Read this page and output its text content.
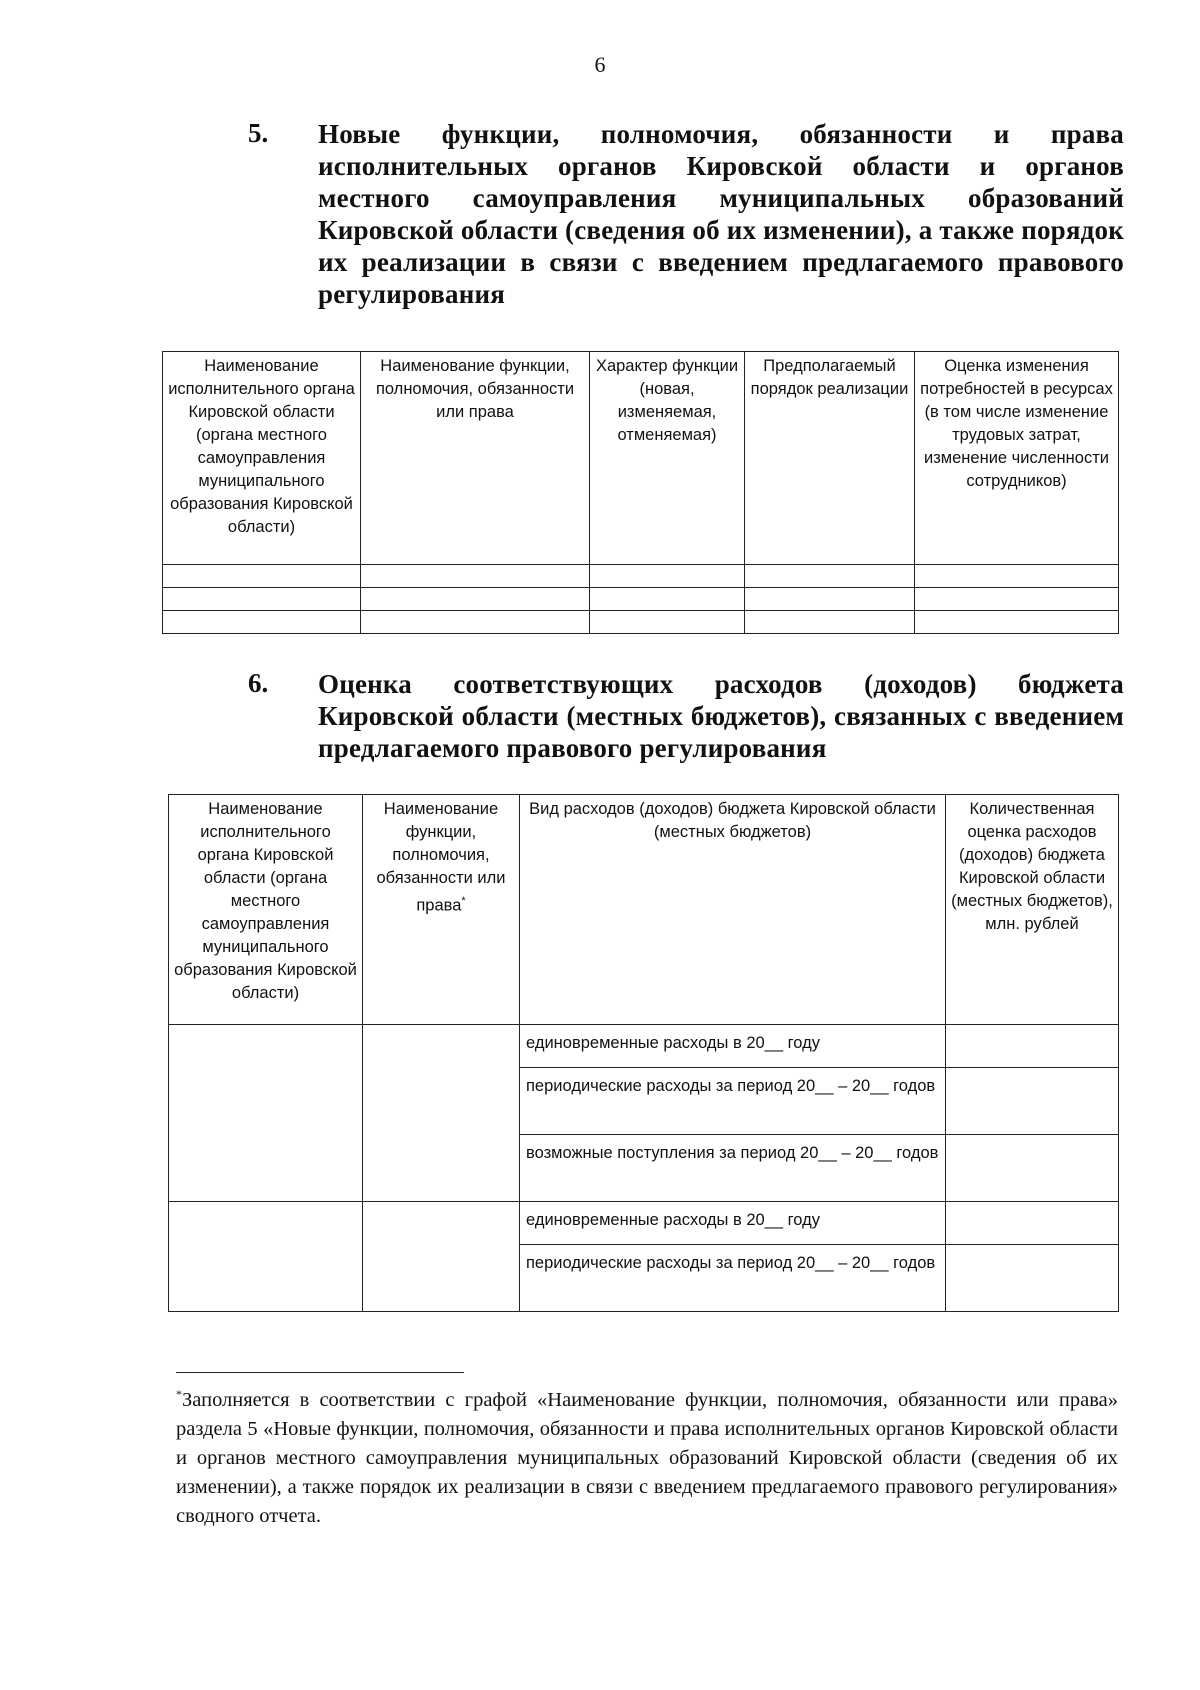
6
5. Новые функции, полномочия, обязанности и права исполнительных органов Кировской области и органов местного самоуправления муниципальных образований Кировской области (сведения об их изменении), а также порядок их реализации в связи с введением предлагаемого правового регулирования
Наименование исполнительного органа Кировской области (органа местного самоуправления муниципального образования Кировской области)	Наименование функции, полномочия, обязанности или права	Характер функции (новая, изменяемая, отменяемая)	Предполагаемый порядок реализации	Оценка изменения потребностей в ресурсах (в том числе изменение трудовых затрат, изменение численности сотрудников)

6. Оценка соответствующих расходов (доходов) бюджета Кировской области (местных бюджетов), связанных с введением предлагаемого правового регулирования
Наименование исполнительного органа Кировской области (органа местного самоуправления муниципального образования Кировской области)	Наименование функции, полномочия, обязанности или права*	Вид расходов (доходов) бюджета Кировской области (местных бюджетов)	Количественная оценка расходов (доходов) бюджета Кировской области (местных бюджетов), млн. рублей
		единовременные расходы в 20__ году	
		периодические расходы за период 20__ – 20__ годов	
		возможные поступления за период 20__ – 20__ годов	
		единовременные расходы в 20__ году	
		периодические расходы за период 20__ – 20__ годов	
*Заполняется в соответствии с графой «Наименование функции, полномочия, обязанности или права» раздела 5 «Новые функции, полномочия, обязанности и права исполнительных органов Кировской области и органов местного самоуправления муниципальных образований Кировской области (сведения об их изменении), а также порядок их реализации в связи с введением предлагаемого правового регулирования» сводного отчета.
